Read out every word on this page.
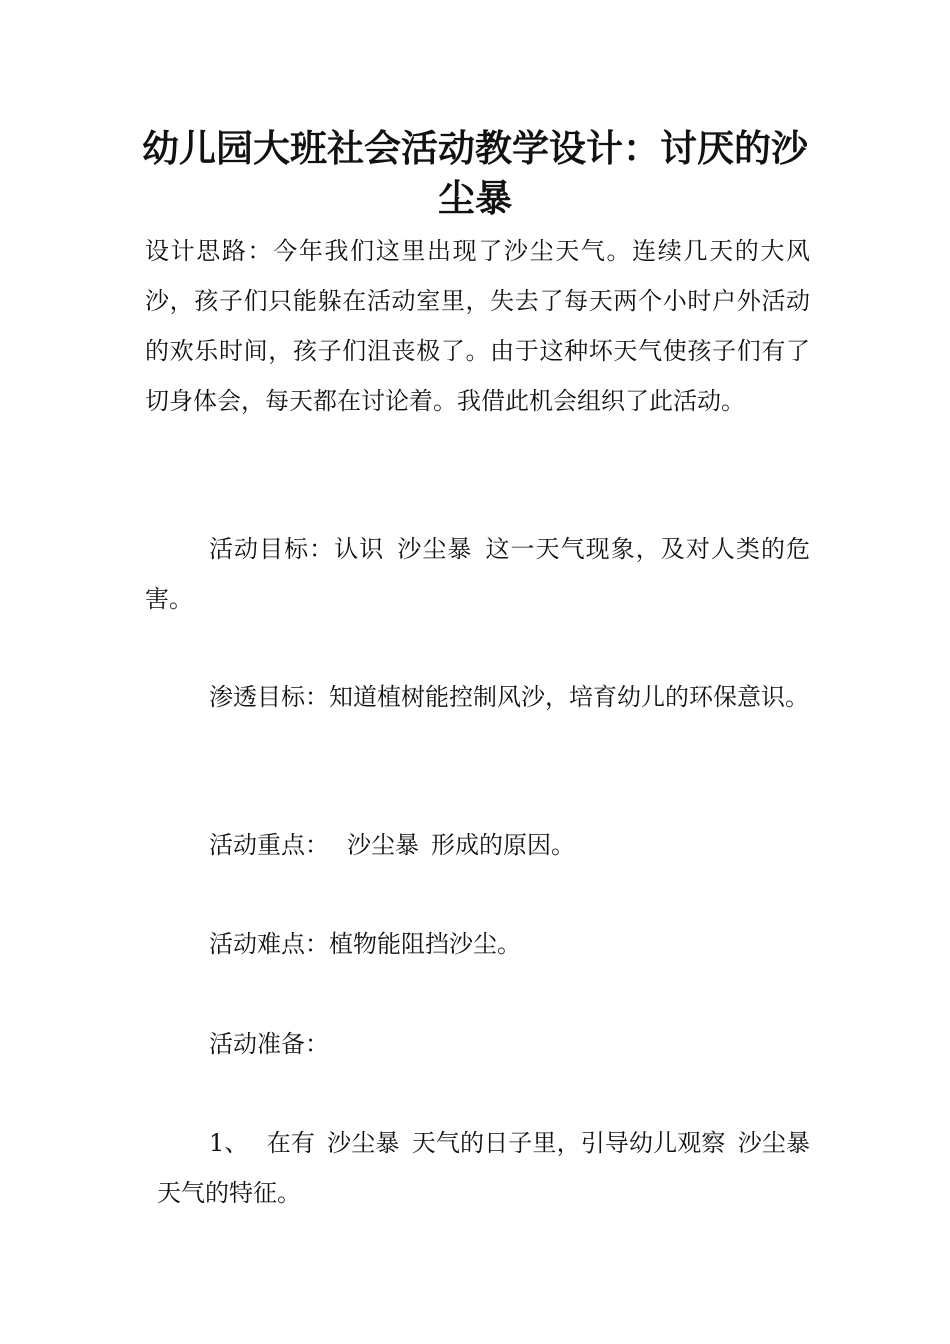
幼儿园大班社会活动教学设计：讨厌的沙尘暴

设计思路：今年我们这里出现了沙尘天气。连续几天的大风沙，孩子们只能躲在活动室里，失去了每天两个小时户外活动的欢乐时间，孩子们沮丧极了。由于这种坏天气使孩子们有了切身体会，每天都在讨论着。我借此机会组织了此活动。

活动目标：认识 沙尘暴 这一天气现象，及对人类的危害。

渗透目标：知道植树能控制风沙，培育幼儿的环保意识。

活动重点： 沙尘暴 形成的原因。

活动难点：植物能阻挡沙尘。

活动准备：

1、 在有 沙尘暴 天气的日子里，引导幼儿观察 沙尘暴天气的特征。
